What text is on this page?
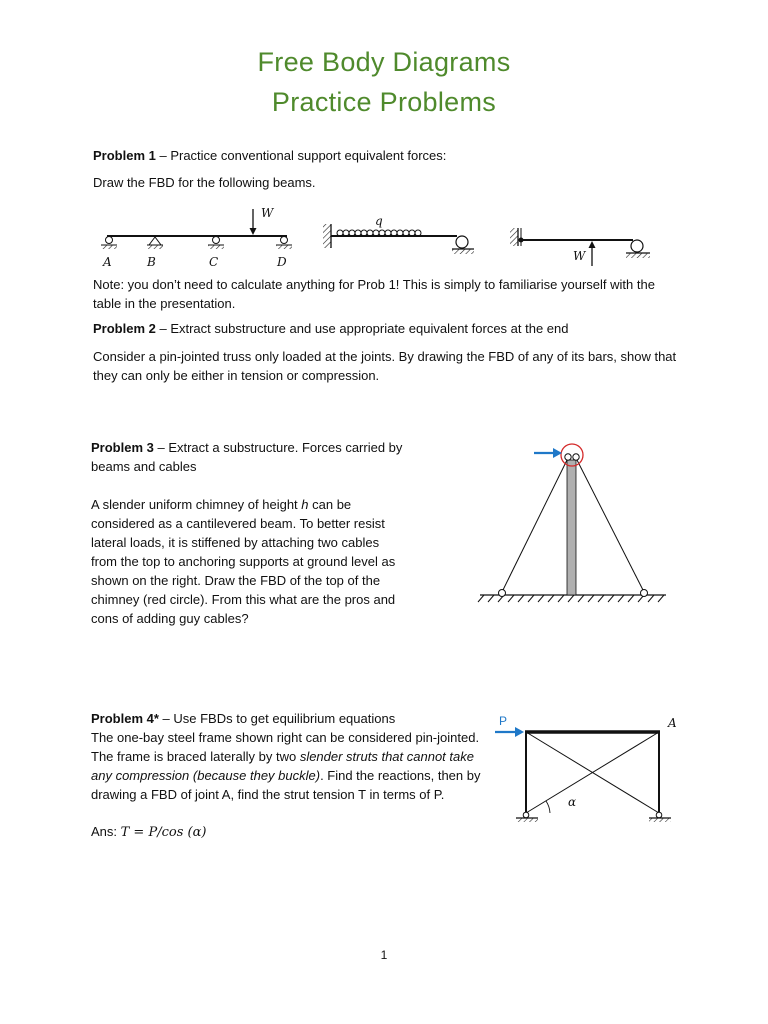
Free Body Diagrams
Practice Problems

Problem 1 – Practice conventional support equivalent forces:

Draw the FBD for the following beams.

W
A	B	C	D
q
W

Note: you don’t need to calculate anything for Prob 1! This is simply to familiarise yourself with the table in the presentation.

Problem 2 – Extract substructure and use appropriate equivalent forces at the end

Consider a pin-jointed truss only loaded at the joints. By drawing the FBD of any of its bars, show that they can only be either in tension or compression.

Problem 3 – Extract a substructure. Forces carried by beams and cables

A slender uniform chimney of height h can be considered as a cantilevered beam. To better resist lateral loads, it is stiffened by attaching two cables from the top to anchoring supports at ground level as shown on the right. Draw the FBD of the top of the chimney (red circle). From this what are the pros and cons of adding guy cables?

Problem 4* – Use FBDs to get equilibrium equations

The one-bay steel frame shown right can be considered pin-jointed. The frame is braced laterally by two slender struts that cannot take any compression (because they buckle). Find the reactions, then by drawing a FBD of joint A, find the strut tension T in terms of P.

Ans: T = P/cos (α)

P	A
α
1
